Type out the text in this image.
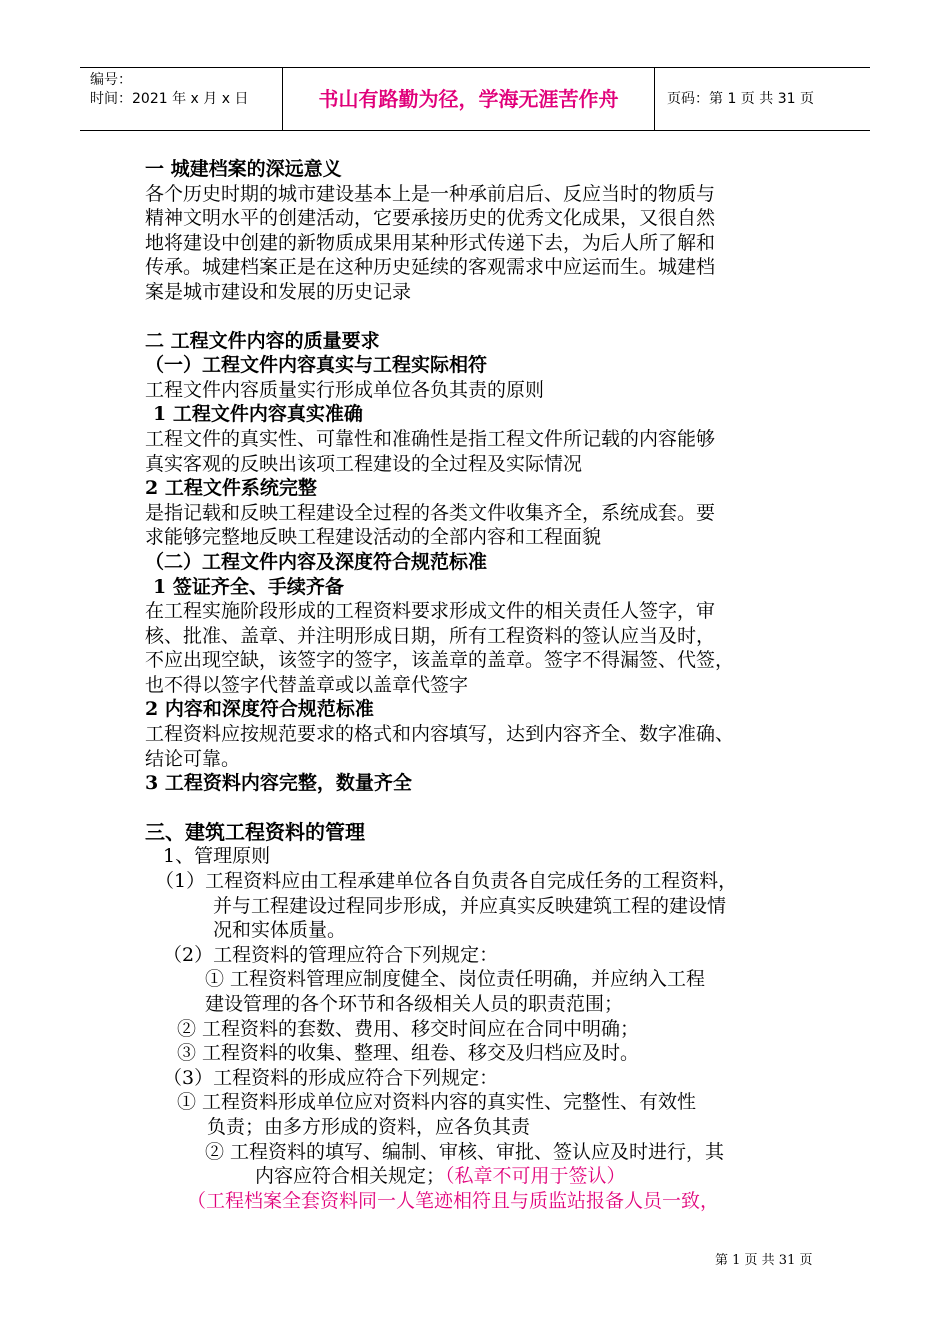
编号：
时间：2021 年 x 月 x 日	书山有路勤为径，学海无涯苦作舟	页码：第 1 页 共 31 页

一 城建档案的深远意义

各个历史时期的城市建设基本上是一种承前启后、反应当时的物质与

精神文明水平的创建活动，它要承接历史的优秀文化成果，又很自然

地将建设中创建的新物质成果用某种形式传递下去，为后人所了解和

传承。城建档案正是在这种历史延续的客观需求中应运而生。城建档

案是城市建设和发展的历史记录

二 工程文件内容的质量要求

（一）工程文件内容真实与工程实际相符

工程文件内容质量实行形成单位各负其责的原则

1 工程文件内容真实准确

工程文件的真实性、可靠性和准确性是指工程文件所记载的内容能够

真实客观的反映出该项工程建设的全过程及实际情况

2 工程文件系统完整

是指记载和反映工程建设全过程的各类文件收集齐全，系统成套。要

求能够完整地反映工程建设活动的全部内容和工程面貌

（二）工程文件内容及深度符合规范标准

1 签证齐全、手续齐备

在工程实施阶段形成的工程资料要求形成文件的相关责任人签字，审

核、批准、盖章、并注明形成日期，所有工程资料的签认应当及时，

不应出现空缺，该签字的签字，该盖章的盖章。签字不得漏签、代签，

也不得以签字代替盖章或以盖章代签字

2 内容和深度符合规范标准

工程资料应按规范要求的格式和内容填写，达到内容齐全、数字准确、

结论可靠。

3 工程资料内容完整，数量齐全

三、建筑工程资料的管理

1、管理原则

（1）工程资料应由工程承建单位各自负责各自完成任务的工程资料，

并与工程建设过程同步形成，并应真实反映建筑工程的建设情

况和实体质量。

（2）工程资料的管理应符合下列规定：

① 工程资料管理应制度健全、岗位责任明确，并应纳入工程

建设管理的各个环节和各级相关人员的职责范围；

② 工程资料的套数、费用、移交时间应在合同中明确；

③ 工程资料的收集、整理、组卷、移交及归档应及时。

（3）工程资料的形成应符合下列规定：

① 工程资料形成单位应对资料内容的真实性、完整性、有效性

负责；由多方形成的资料，应各负其责

② 工程资料的填写、编制、审核、审批、签认应及时进行，其

内容应符合相关规定；（私章不可用于签认）

（工程档案全套资料同一人笔迹相符且与质监站报备人员一致，

第 1 页 共 31 页
